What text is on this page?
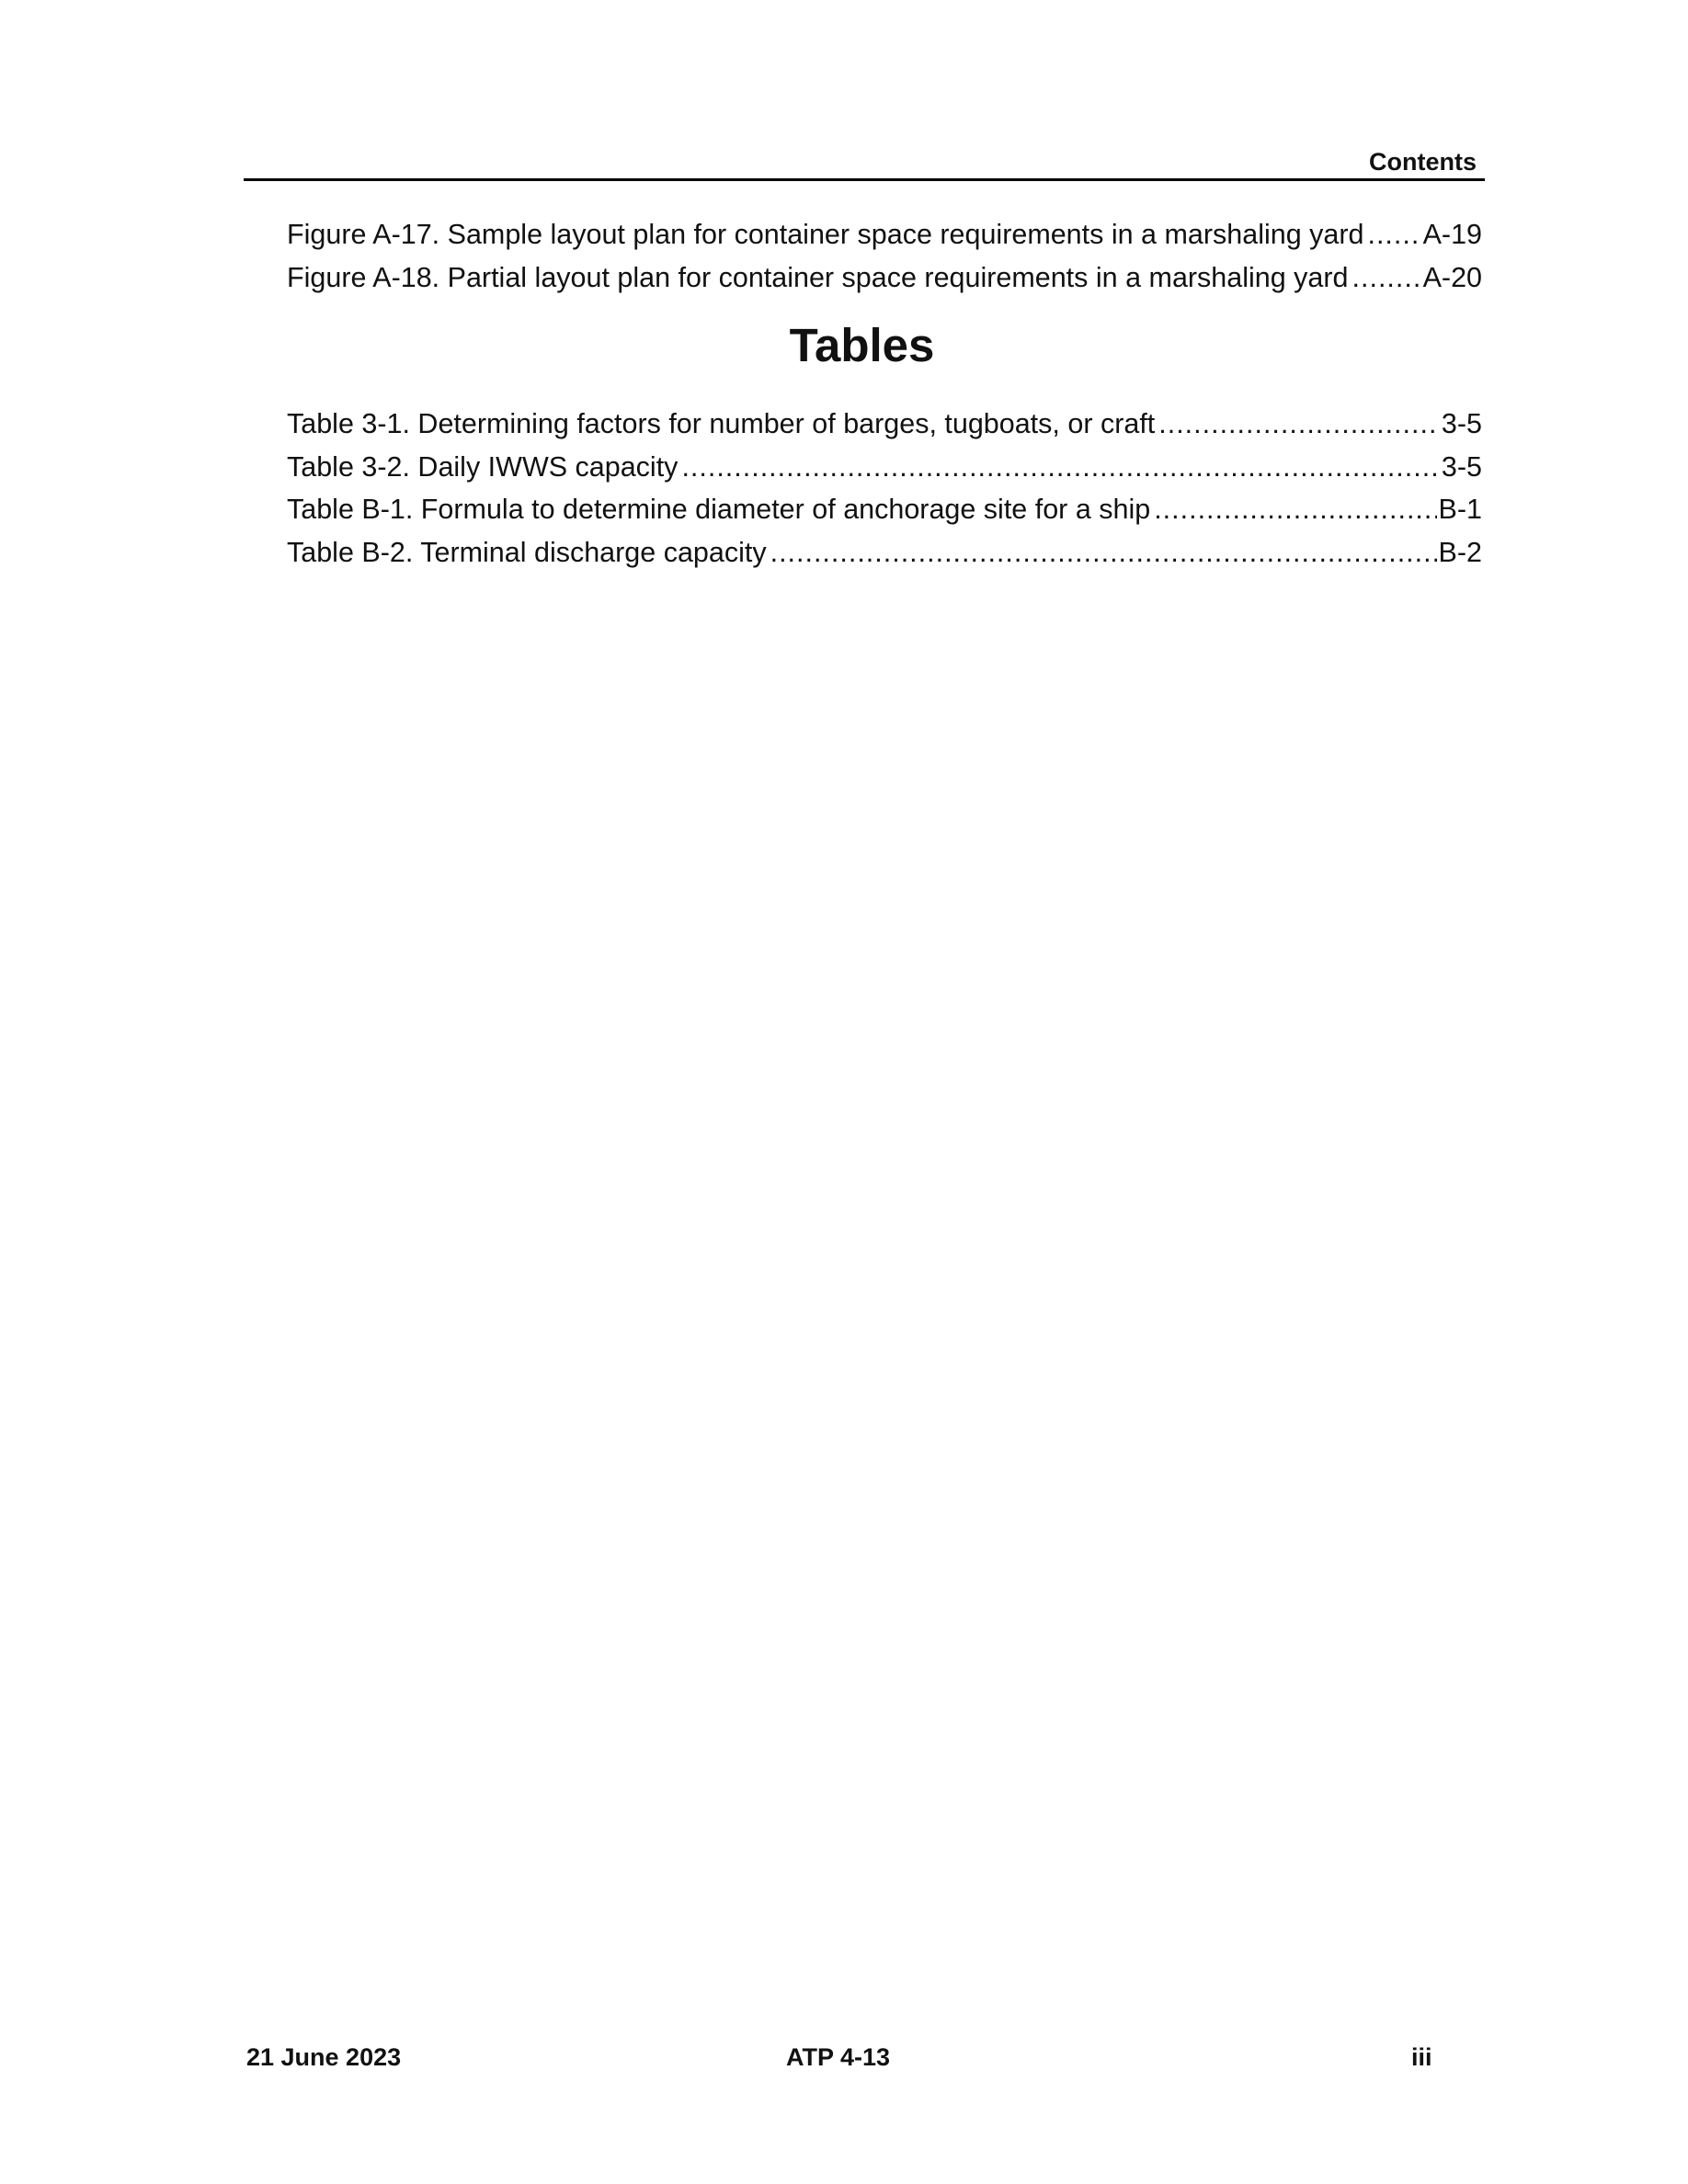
Contents
Figure A-17. Sample layout plan for container space requirements in a marshaling yard ..... A-19
Figure A-18. Partial layout plan for container space requirements in a marshaling yard .....	A-20
Tables
Table 3-1. Determining factors for number of barges, tugboats, or craft .....	3-5
Table 3-2. Daily IWWS capacity .....	3-5
Table B-1. Formula to determine diameter of anchorage site for a ship .....	B-1
Table B-2. Terminal discharge capacity .....	B-2
21 June 2023	ATP 4-13	iii
